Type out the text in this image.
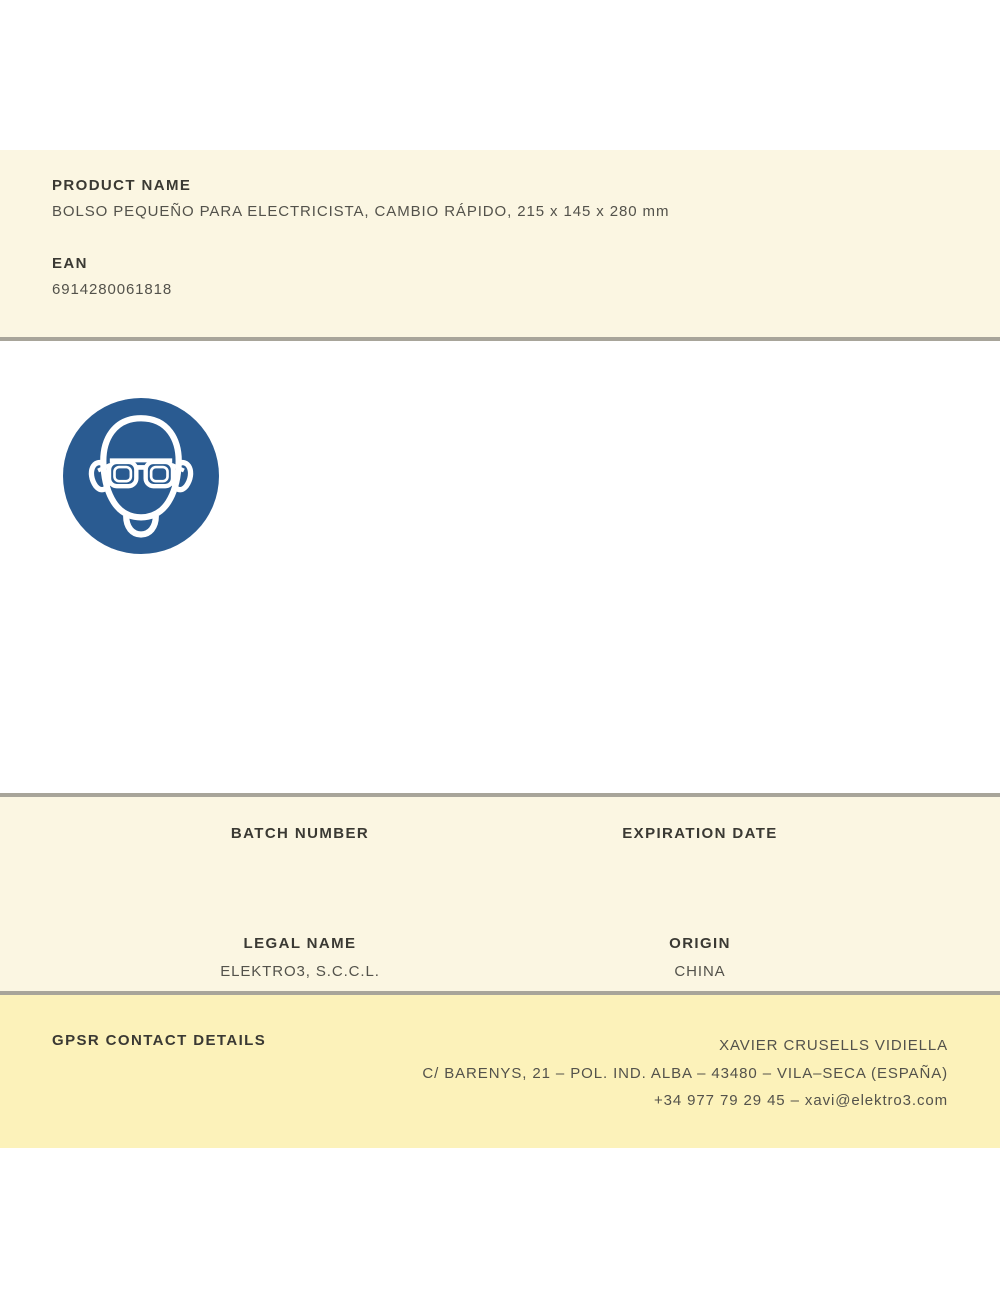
PRODUCT NAME
BOLSO PEQUEÑO PARA ELECTRICISTA, CAMBIO RÁPIDO, 215 x 145 x 280 mm
EAN
6914280061818
BATCH NUMBER	EXPIRATION DATE
LEGAL NAME	ORIGIN
ELEKTRO3, S.C.C.L.	CHINA
GPSR CONTACT DETAILS	XAVIER CRUSELLS VIDIELLA
C/ BARENYS, 21 – POL. IND. ALBA – 43480 – VILA–SECA (ESPAÑA)
+34 977 79 29 45 – xavi@elektro3.com
